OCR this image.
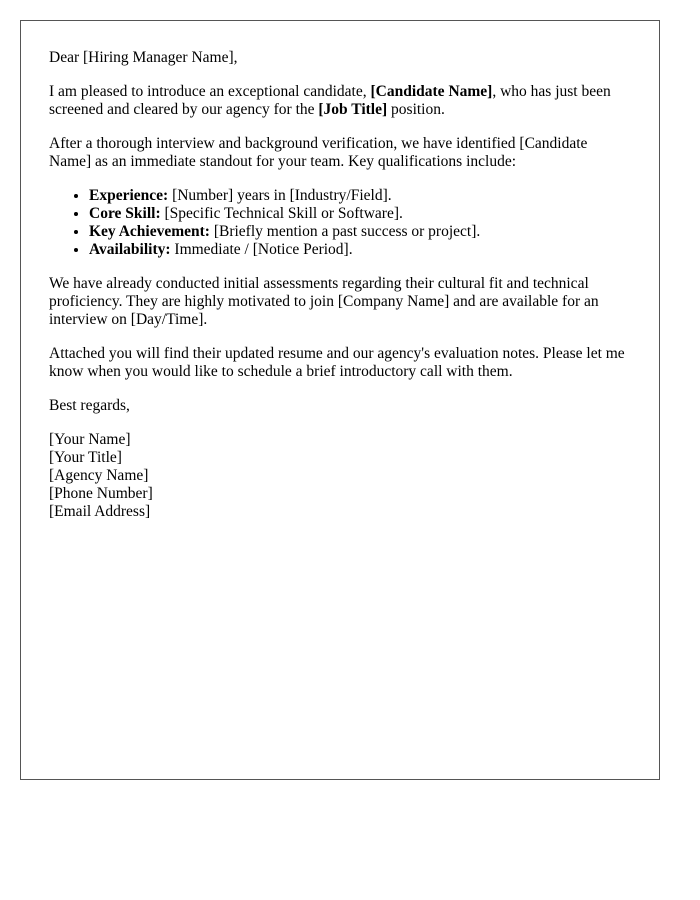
Dear [Hiring Manager Name],

I am pleased to introduce an exceptional candidate, [Candidate Name], who has just been screened and cleared by our agency for the [Job Title] position.

After a thorough interview and background verification, we have identified [Candidate Name] as an immediate standout for your team. Key qualifications include:

• Experience: [Number] years in [Industry/Field].
• Core Skill: [Specific Technical Skill or Software].
• Key Achievement: [Briefly mention a past success or project].
• Availability: Immediate / [Notice Period].

We have already conducted initial assessments regarding their cultural fit and technical proficiency. They are highly motivated to join [Company Name] and are available for an interview on [Day/Time].

Attached you will find their updated resume and our agency's evaluation notes. Please let me know when you would like to schedule a brief introductory call with them.

Best regards,

[Your Name]
[Your Title]
[Agency Name]
[Phone Number]
[Email Address]
